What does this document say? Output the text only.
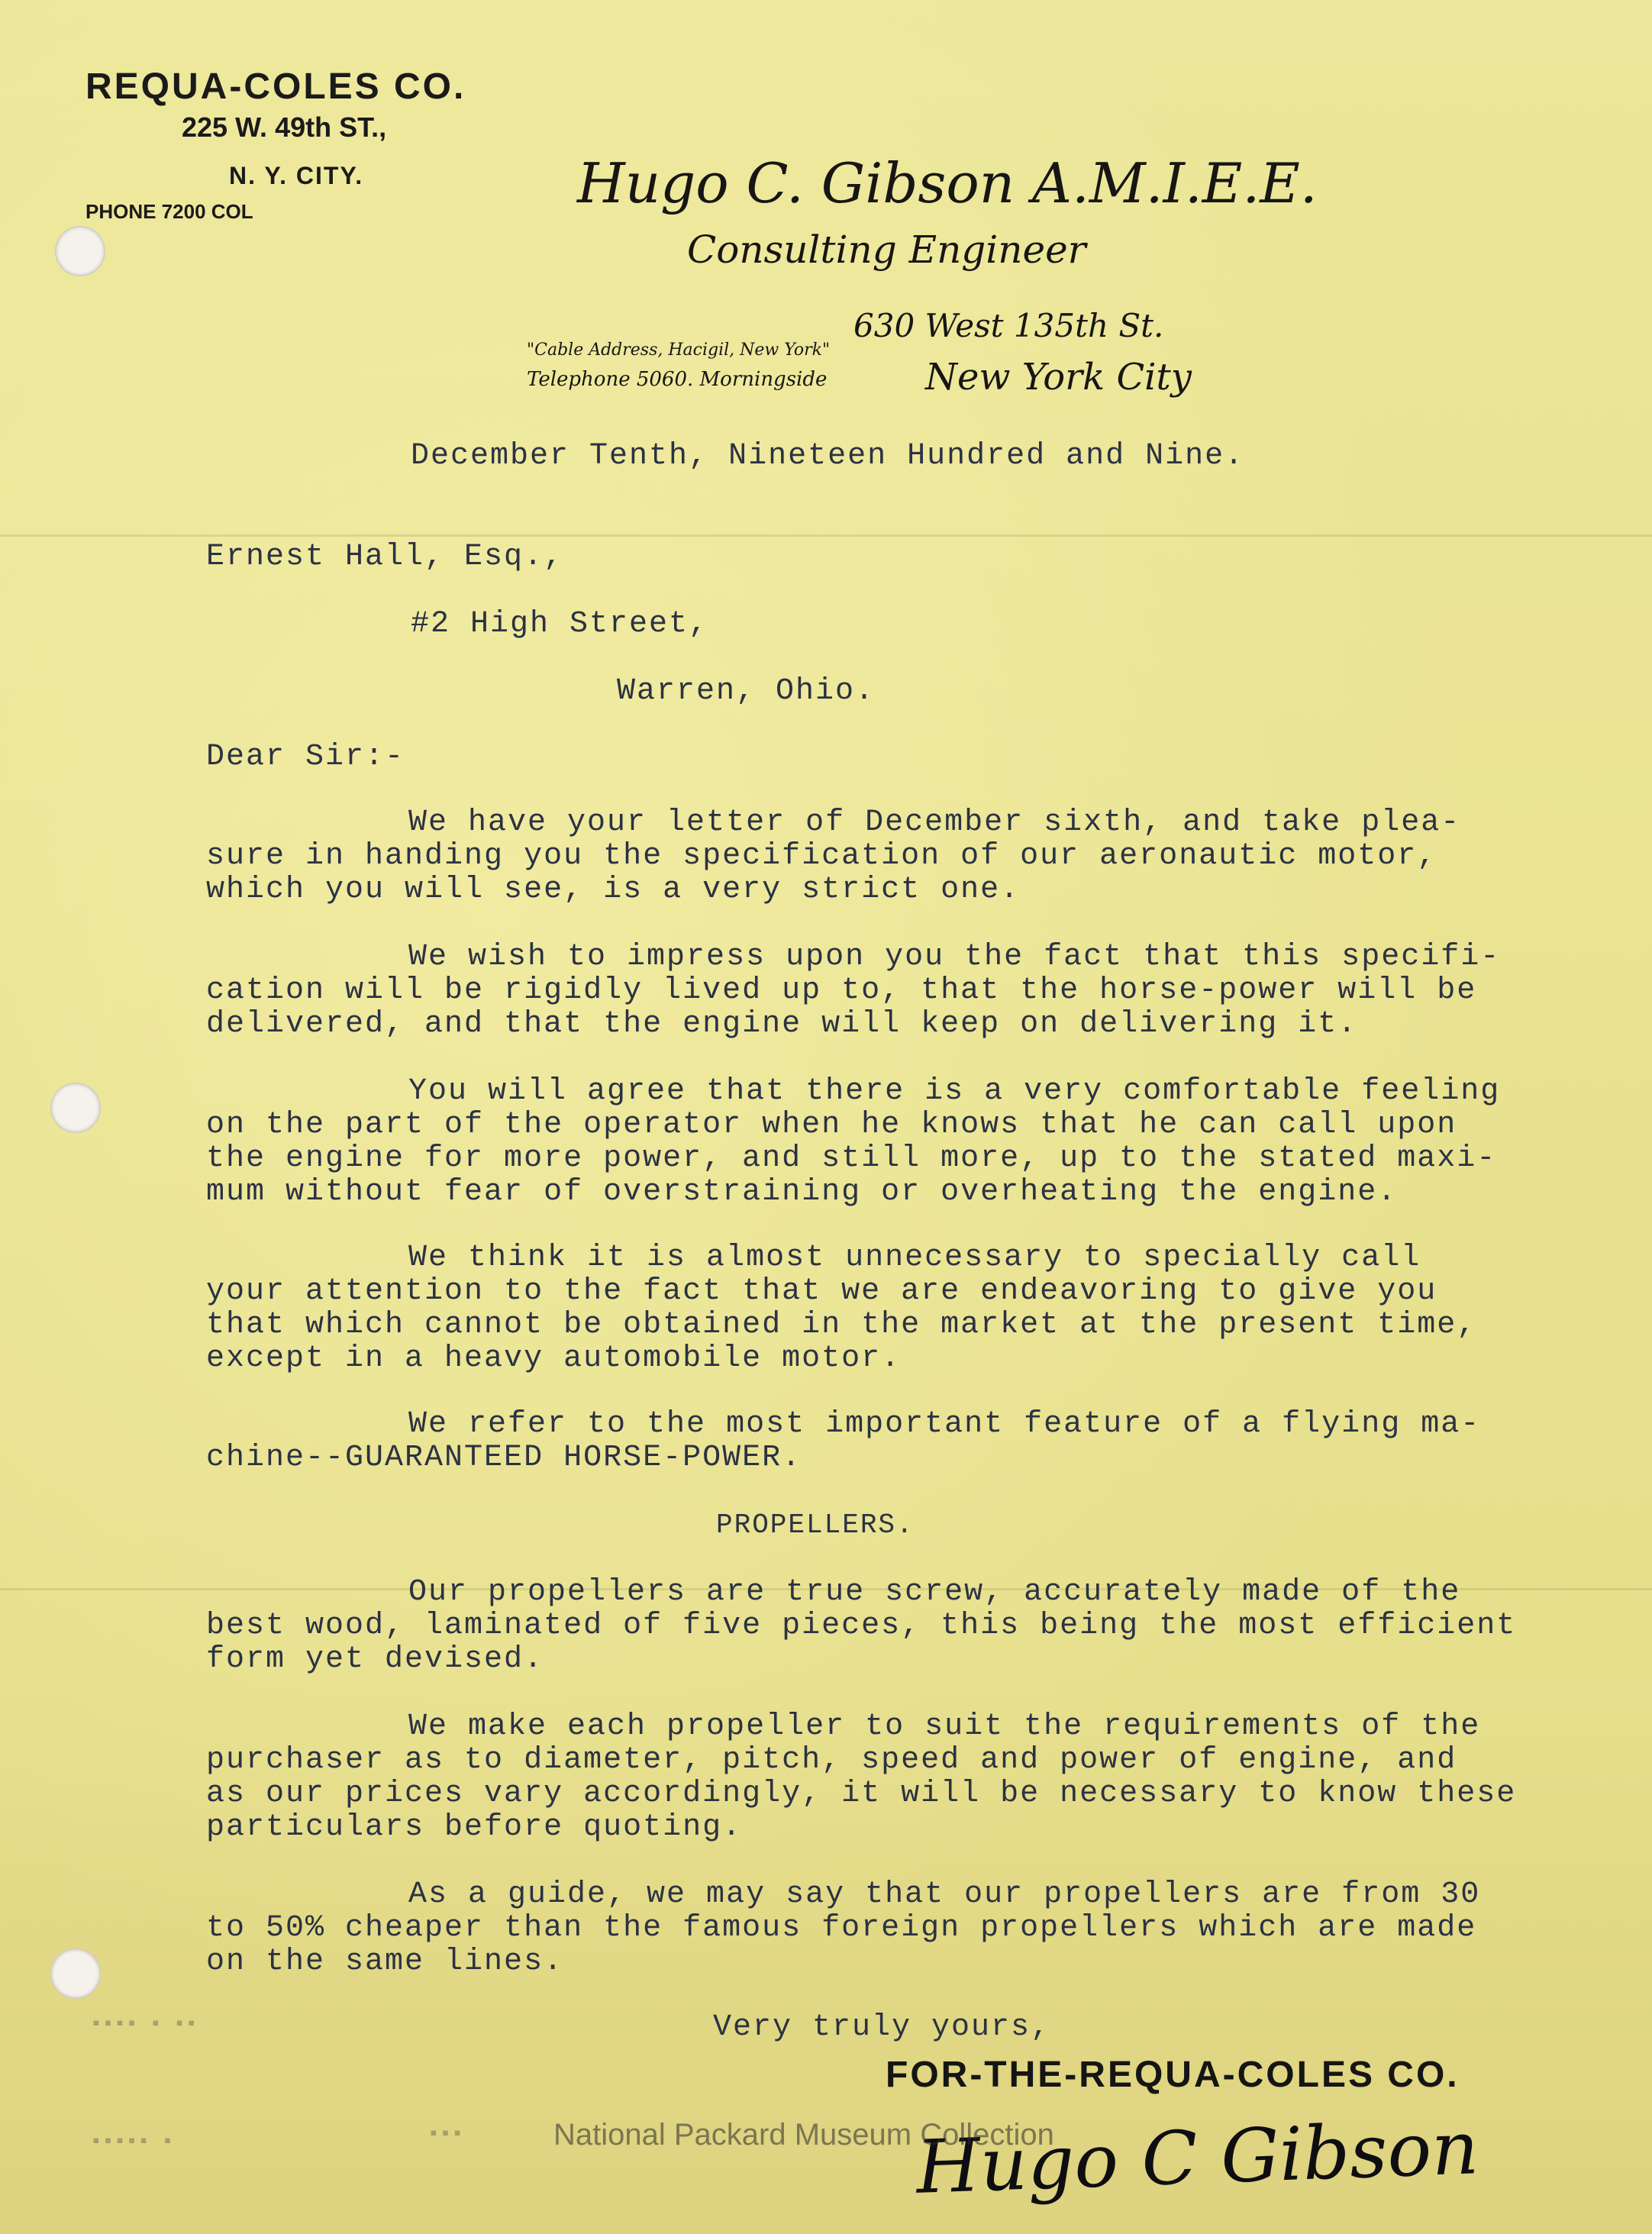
REQUA-COLES CO.
225 W. 49th ST.,
N. Y. CITY.
PHONE 7200 COL	Hugo C. Gibson A.M.I.E.E.
Consulting Engineer
"Cable Address, Hacigil, New York"
Telephone 5060. Morningside
630 West 135th St.
New York City
December Tenth, Nineteen Hundred and Nine.
Ernest Hall, Esq.,
#2 High Street,
Warren, Ohio.
Dear Sir:-
We have your letter of December sixth, and take plea-
sure in handing you the specification of our aeronautic motor,
which you will see, is a very strict one.
We wish to impress upon you the fact that this specifi-
cation will be rigidly lived up to, that the horse-power will be
delivered, and that the engine will keep on delivering it.
You will agree that there is a very comfortable feeling
on the part of the operator when he knows that he can call upon
the engine for more power, and still more, up to the stated maxi-
mum without fear of overstraining or overheating the engine.
We think it is almost unnecessary to specially call
your attention to the fact that we are endeavoring to give you
that which cannot be obtained in the market at the present time,
except in a heavy automobile motor.
We refer to the most important feature of a flying ma-
chine--GUARANTEED HORSE-POWER.
PROPELLERS.
Our propellers are true screw, accurately made of the
best wood, laminated of five pieces, this being the most efficient
form yet devised.
We make each propeller to suit the requirements of the
purchaser as to diameter, pitch, speed and power of engine, and
as our prices vary accordingly, it will be necessary to know these
particulars before quoting.
As a guide, we may say that our propellers are from 30
to 50% cheaper than the famous foreign propellers which are made
on the same lines.
Very truly yours,
FOR-THE-REQUA-COLES CO.
Hugo C Gibson
▪▪▪▪ ▪ ▪▪
▪▪▪▪▪ ▪	▪▪▪	National Packard Museum Collection
